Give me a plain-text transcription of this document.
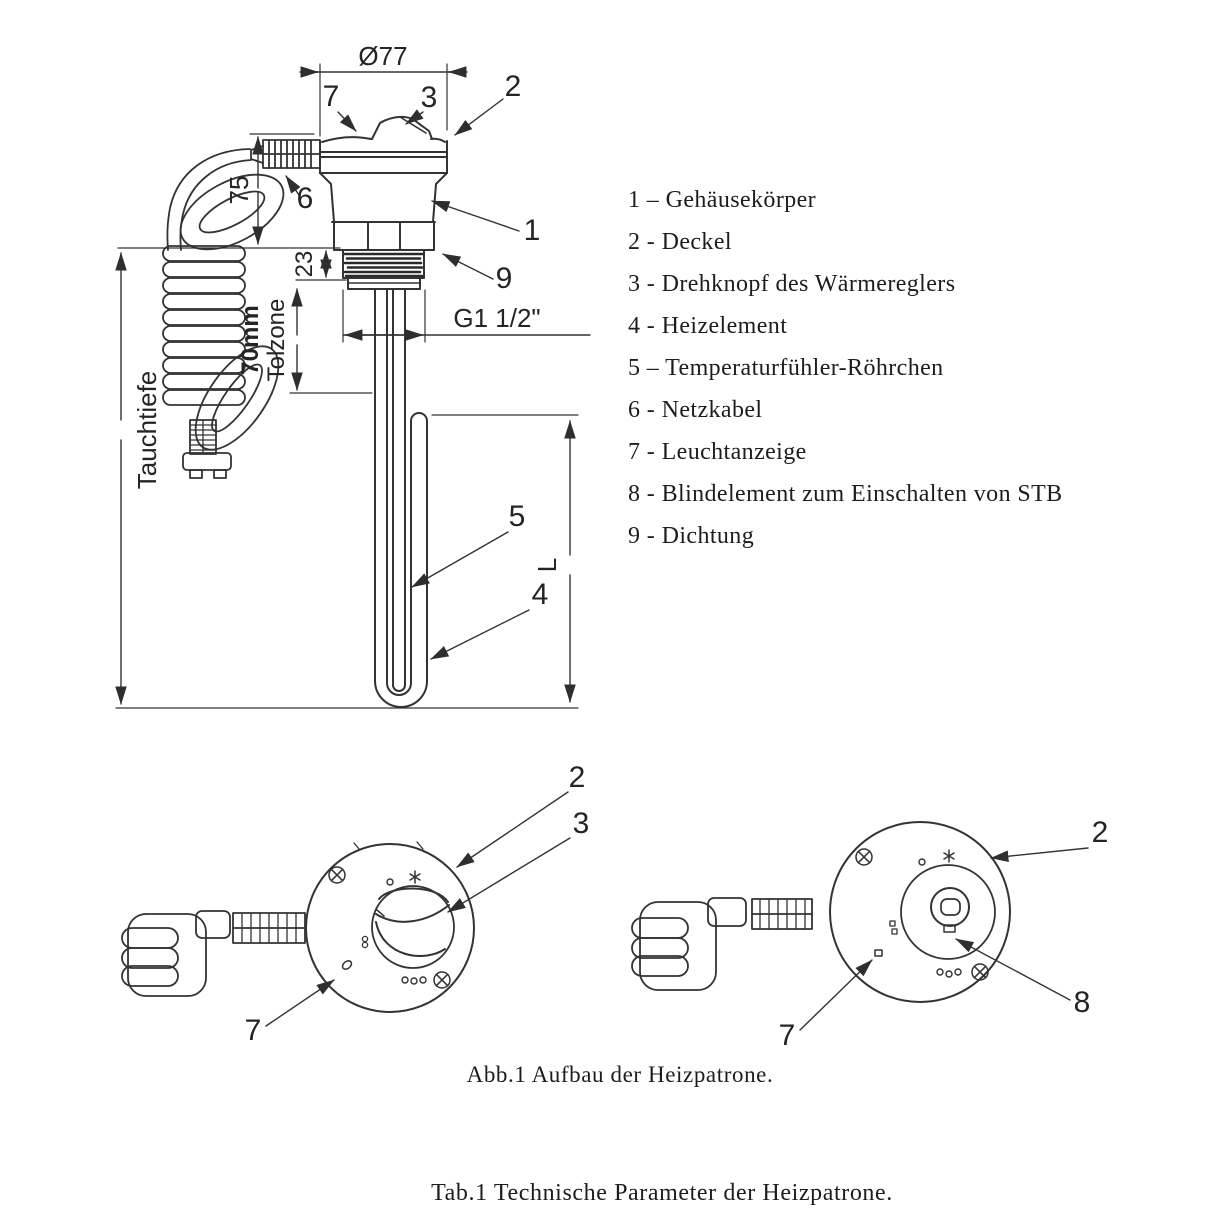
Ø77
75
Tauchtiefe
23
70mm Tolzone	G1 1/2"
L
7	3 2
6
1
9
5
4
2
3
7
2
8
7
1 – Gehäusekörper
2 - Deckel
3 - Drehknopf des Wärmereglers
4 - Heizelement
5 – Temperaturfühler-Röhrchen
6 - Netzkabel
7 - Leuchtanzeige
8 - Blindelement zum Einschalten von STB
9 - Dichtung
Abb.1 Aufbau der Heizpatrone.
Tab.1 Technische Parameter der Heizpatrone.
